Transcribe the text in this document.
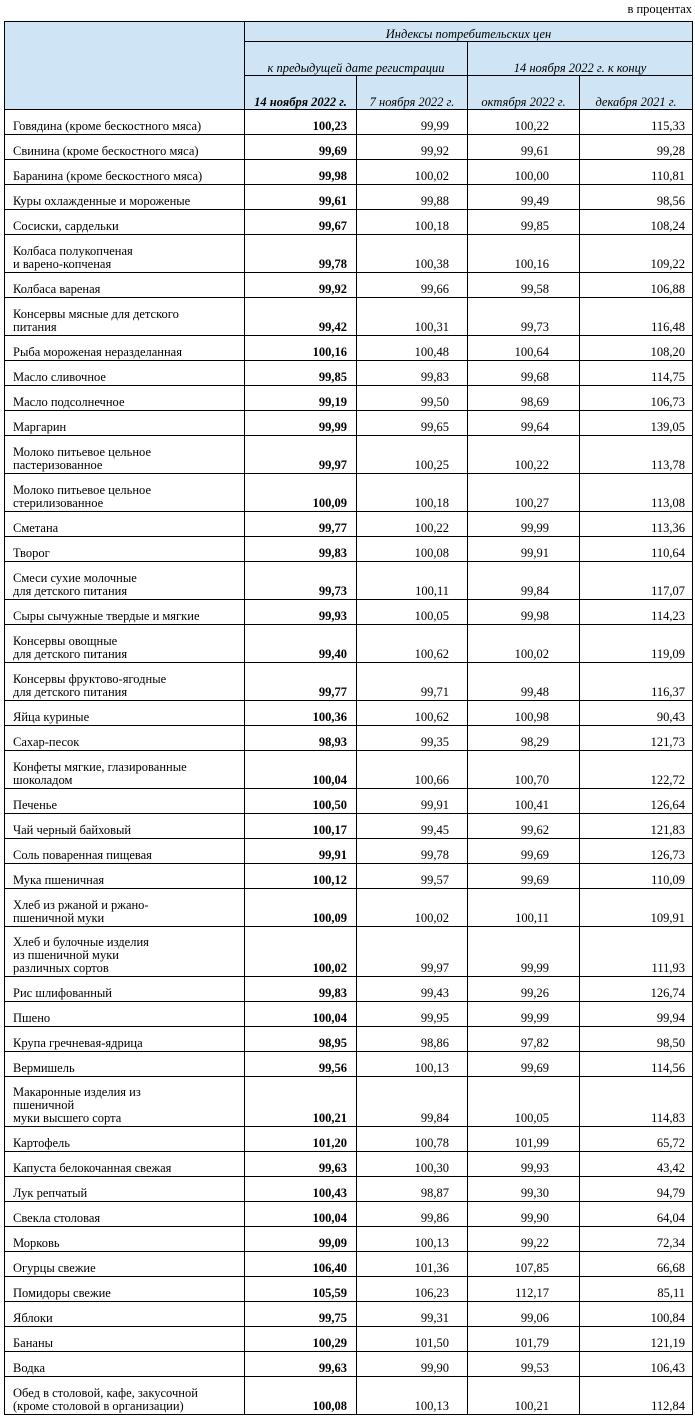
в процентах
	Индексы потребительских цен			
	к предыдущей дате регистрации		14 ноября 2022 г. к концу	
	14 ноября 2022 г.	7 ноября 2022 г.	октября 2022 г.	декабря 2021 г.
Говядина (кроме бескостного мяса)	100,23	99,99	100,22	115,33
Свинина (кроме бескостного мяса)	99,69	99,92	99,61	99,28
Баранина (кроме бескостного мяса)	99,98	100,02	100,00	110,81
Куры охлажденные и мороженые	99,61	99,88	99,49	98,56
Сосиски, сардельки	99,67	100,18	99,85	108,24
Колбаса полукопченая
и варено-копченая	99,78	100,38	100,16	109,22
Колбаса вареная	99,92	99,66	99,58	106,88
Консервы мясные для детского
питания	99,42	100,31	99,73	116,48
Рыба мороженая неразделанная	100,16	100,48	100,64	108,20
Масло сливочное	99,85	99,83	99,68	114,75
Масло подсолнечное	99,19	99,50	98,69	106,73
Маргарин	99,99	99,65	99,64	139,05
Молоко питьевое цельное
пастеризованное	99,97	100,25	100,22	113,78
Молоко питьевое цельное
стерилизованное	100,09	100,18	100,27	113,08
Сметана	99,77	100,22	99,99	113,36
Творог	99,83	100,08	99,91	110,64
Смеси сухие молочные
для детского питания	99,73	100,11	99,84	117,07
Сыры сычужные твердые и мягкие	99,93	100,05	99,98	114,23
Консервы овощные
для детского питания	99,40	100,62	100,02	119,09
Консервы фруктово-ягодные
для детского питания	99,77	99,71	99,48	116,37
Яйца куриные	100,36	100,62	100,98	90,43
Сахар-песок	98,93	99,35	98,29	121,73
Конфеты мягкие, глазированные
шоколадом	100,04	100,66	100,70	122,72
Печенье	100,50	99,91	100,41	126,64
Чай черный байховый	100,17	99,45	99,62	121,83
Соль поваренная пищевая	99,91	99,78	99,69	126,73
Мука пшеничная	100,12	99,57	99,69	110,09
Хлеб из ржаной и ржано-
пшеничной муки	100,09	100,02	100,11	109,91
Хлеб и булочные изделия
из пшеничной муки
различных сортов	100,02	99,97	99,99	111,93
Рис шлифованный	99,83	99,43	99,26	126,74
Пшено	100,04	99,95	99,99	99,94
Крупа гречневая-ядрица	98,95	98,86	97,82	98,50
Вермишель	99,56	100,13	99,69	114,56
Макаронные изделия из
пшеничной
муки высшего сорта	100,21	99,84	100,05	114,83
Картофель	101,20	100,78	101,99	65,72
Капуста белокочанная свежая	99,63	100,30	99,93	43,42
Лук репчатый	100,43	98,87	99,30	94,79
Свекла столовая	100,04	99,86	99,90	64,04
Морковь	99,09	100,13	99,22	72,34
Огурцы свежие	106,40	101,36	107,85	66,68
Помидоры свежие	105,59	106,23	112,17	85,11
Яблоки	99,75	99,31	99,06	100,84
Бананы	100,29	101,50	101,79	121,19
Водка	99,63	99,90	99,53	106,43
Обед в столовой, кафе, закусочной
(кроме столовой в организации)	100,08	100,13	100,21	112,84
